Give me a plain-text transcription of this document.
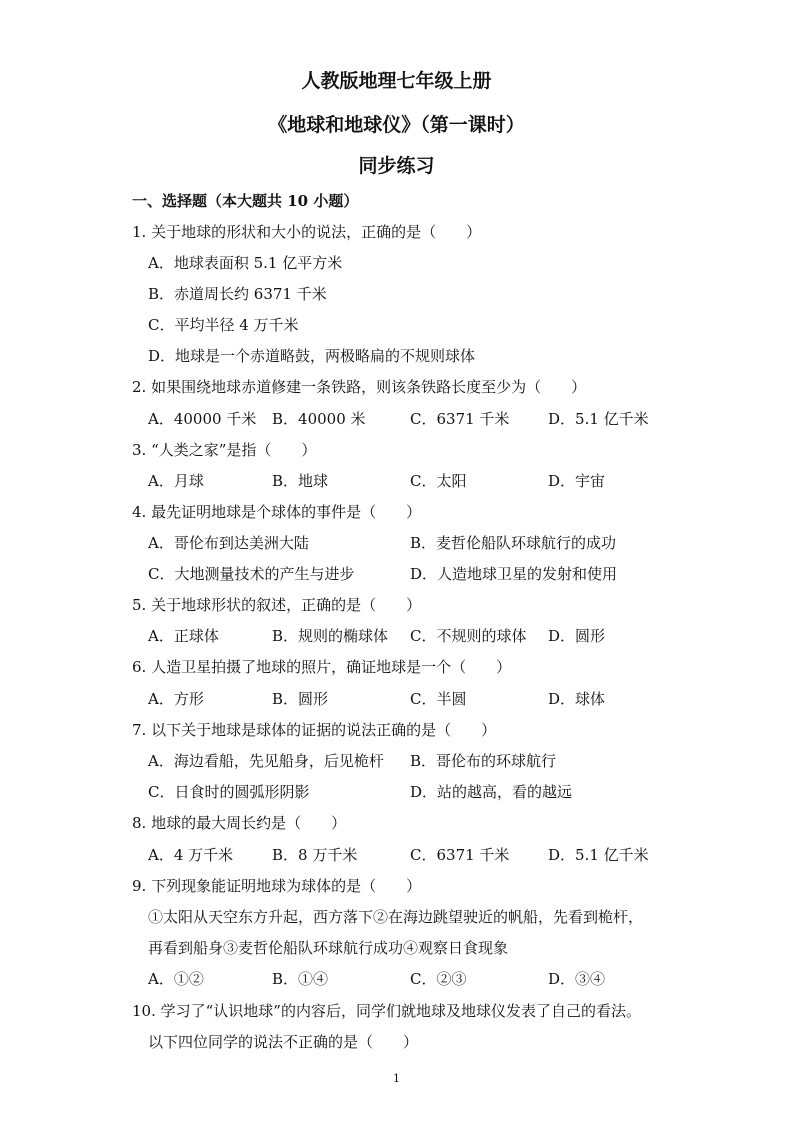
人教版地理七年级上册
《地球和地球仪》（第一课时）
同步练习
一、选择题（本大题共 10 小题）
1. 关于地球的形状和大小的说法，正确的是（　　）
A．地球表面积 5.1 亿平方米
B．赤道周长约 6371 千米
C．平均半径 4 万千米
D．地球是一个赤道略鼓，两极略扁的不规则球体
2. 如果围绕地球赤道修建一条铁路，则该条铁路长度至少为（　　）
A．40000 千米 B．40000 米	C．6371 千米	D．5.1 亿千米
3. “人类之家”是指（　　）
A．月球	B．地球	C．太阳	D．宇宙
4. 最先证明地球是个球体的事件是（　　）
A．哥伦布到达美洲大陆	B．麦哲伦船队环球航行的成功
C．大地测量技术的产生与进步	D．人造地球卫星的发射和使用
5. 关于地球形状的叙述，正确的是（　　）
A．正球体	B．规则的椭球体 C．不规则的球体 D．圆形
6. 人造卫星拍摄了地球的照片，确证地球是一个（　　）
A．方形	B．圆形	C．半圆	D．球体
7. 以下关于地球是球体的证据的说法正确的是（　　）
A．海边看船，先见船身，后见桅杆 B．哥伦布的环球航行
C．日食时的圆弧形阴影	D．站的越高，看的越远
8. 地球的最大周长约是（　　）
A．4 万千米	B．8 万千米	C．6371 千米	D．5.1 亿千米
9. 下列现象能证明地球为球体的是（　　）
①太阳从天空东方升起，西方落下②在海边跳望驶近的帆船，先看到桅杆，
再看到船身③麦哲伦船队环球航行成功④观察日食现象
A．①②	B．①④	C．②③	D．③④
10. 学习了“认识地球”的内容后，同学们就地球及地球仪发表了自己的看法。
以下四位同学的说法不正确的是（　　）
1
